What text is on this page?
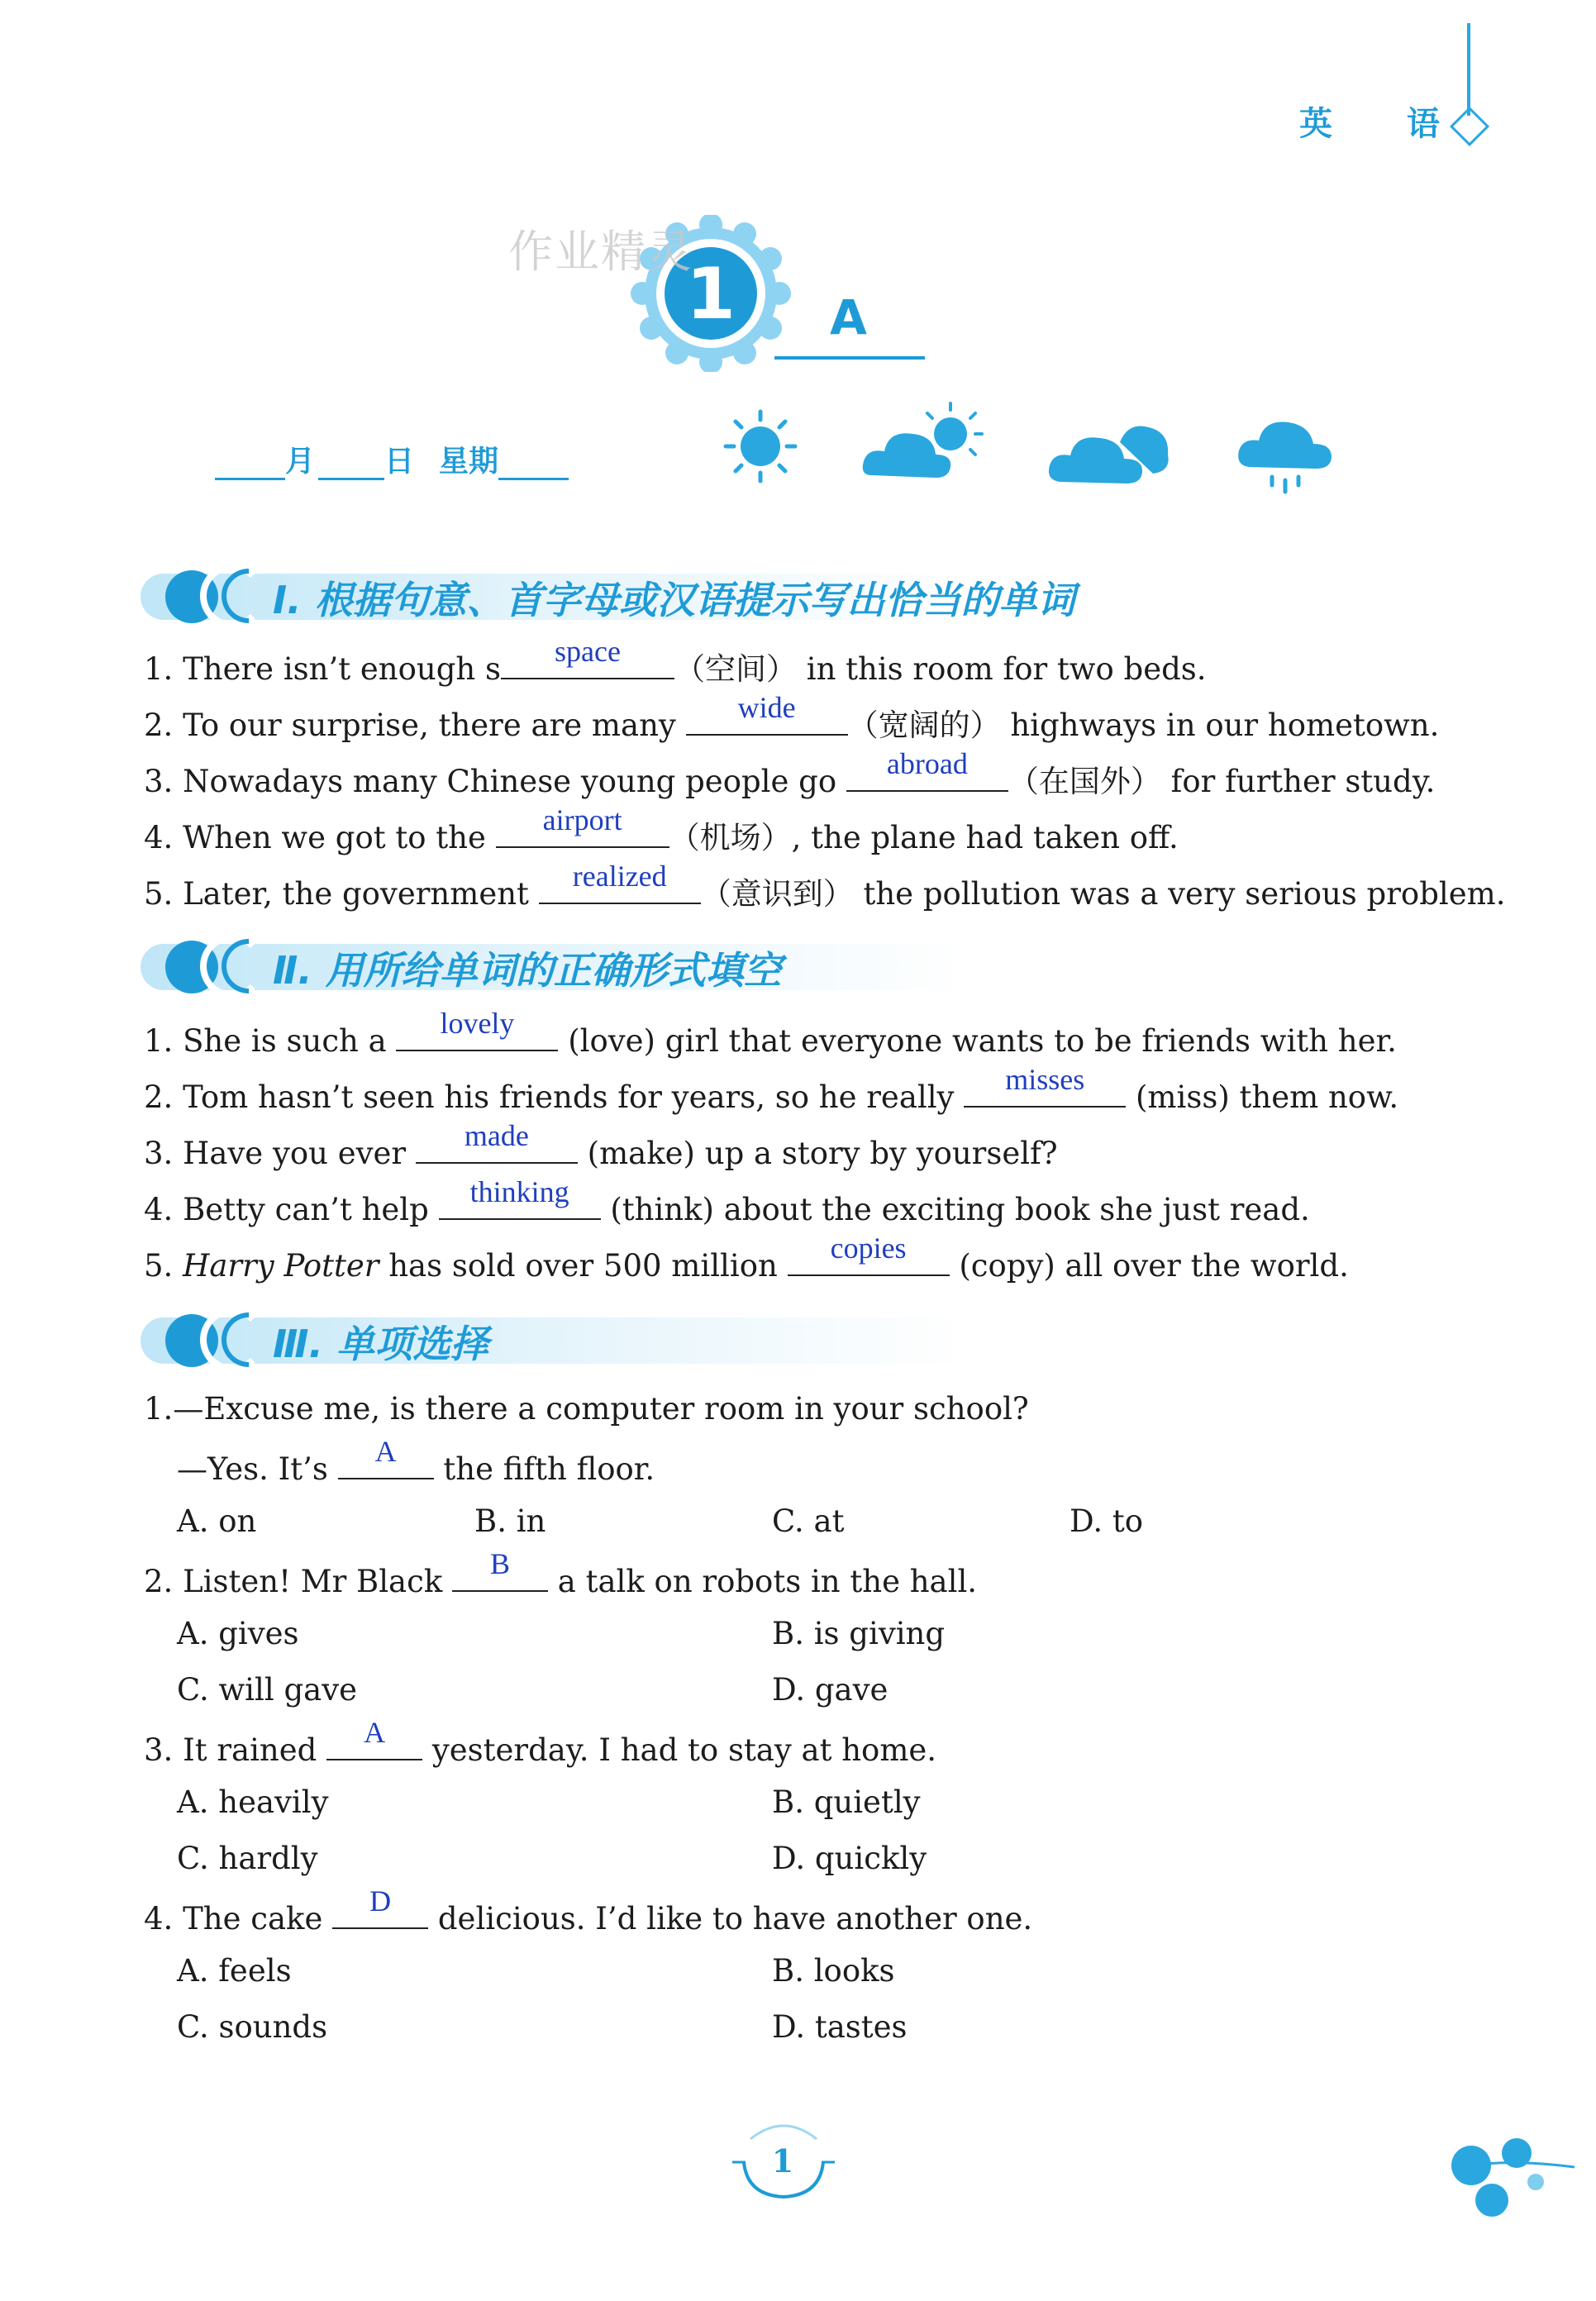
英 语
1
作业精灵
A
月 日 星期
Ⅰ. 根据句意、首字母或汉语提示写出恰当的单词
1. There isn’t enough s	space	（空间） in this room for two beds.
2. To our surprise, there are many	wide	（宽阔的） highways in our hometown.
3. Nowadays many Chinese young people go	abroad	（在国外） for further study.
4. When we got to the	airport	（机场）, the plane had taken off.
5. Later, the government	realized	（意识到） the pollution was a very serious problem.
Ⅱ. 用所给单词的正确形式填空
1. She is such a	lovely	(love) girl that everyone wants to be friends with her.
2. Tom hasn’t seen his friends for years, so he really	misses	(miss) them now.
3. Have you ever	made	(make) up a story by yourself?
4. Betty can’t help	thinking	(think) about the exciting book she just read.
5. Harry Potter has sold over 500 million	copies	(copy) all over the world.
Ⅲ. 单项选择
1.—Excuse me, is there a computer room in your school?
—Yes. It’s	A	the fifth floor.
A. on	B. in	C. at	D. to
2. Listen! Mr Black	B	a talk on robots in the hall.
A. gives	B. is giving
C. will gave	D. gave
3. It rained	A	yesterday. I had to stay at home.
A. heavily	B. quietly
C. hardly	D. quickly
4. The cake	D	delicious. I’d like to have another one.
A. feels	B. looks
C. sounds	D. tastes
1
